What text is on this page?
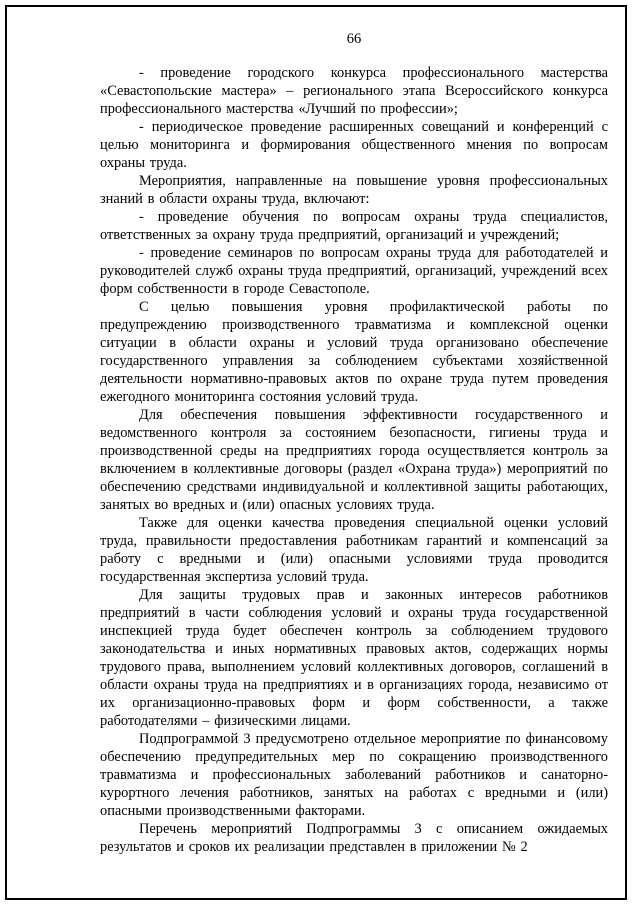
66

- проведение городского конкурса профессионального мастерства «Севастопольские мастера» – регионального этапа Всероссийского конкурса профессионального мастерства «Лучший по профессии»;

- периодическое проведение расширенных совещаний и конференций с целью мониторинга и формирования общественного мнения по вопросам охраны труда.

Мероприятия, направленные на повышение уровня профессиональных знаний в области охраны труда, включают:

- проведение обучения по вопросам охраны труда специалистов, ответственных за охрану труда предприятий, организаций и учреждений;

- проведение семинаров по вопросам охраны труда для работодателей и руководителей служб охраны труда предприятий, организаций, учреждений всех форм собственности в городе Севастополе.

С целью повышения уровня профилактической работы по предупреждению производственного травматизма и комплексной оценки ситуации в области охраны и условий труда организовано обеспечение государственного управления за соблюдением субъектами хозяйственной деятельности нормативно-правовых актов по охране труда путем проведения ежегодного мониторинга состояния условий труда.

Для обеспечения повышения эффективности государственного и ведомственного контроля за состоянием безопасности, гигиены труда и производственной среды на предприятиях города осуществляется контроль за включением в коллективные договоры (раздел «Охрана труда») мероприятий по обеспечению средствами индивидуальной и коллективной защиты работающих, занятых во вредных и (или) опасных условиях труда.

Также для оценки качества проведения специальной оценки условий труда, правильности предоставления работникам гарантий и компенсаций за работу с вредными и (или) опасными условиями труда проводится государственная экспертиза условий труда.

Для защиты трудовых прав и законных интересов работников предприятий в части соблюдения условий и охраны труда государственной инспекцией труда будет обеспечен контроль за соблюдением трудового законодательства и иных нормативных правовых актов, содержащих нормы трудового права, выполнением условий коллективных договоров, соглашений в области охраны труда на предприятиях и в организациях города, независимо от их организационно-правовых форм и форм собственности, а также работодателями – физическими лицами.

Подпрограммой 3 предусмотрено отдельное мероприятие по финансовому обеспечению предупредительных мер по сокращению производственного травматизма и профессиональных заболеваний работников и санаторно-курортного лечения работников, занятых на работах с вредными и (или) опасными производственными факторами.

Перечень мероприятий Подпрограммы 3 с описанием ожидаемых результатов и сроков их реализации представлен в приложении № 2
